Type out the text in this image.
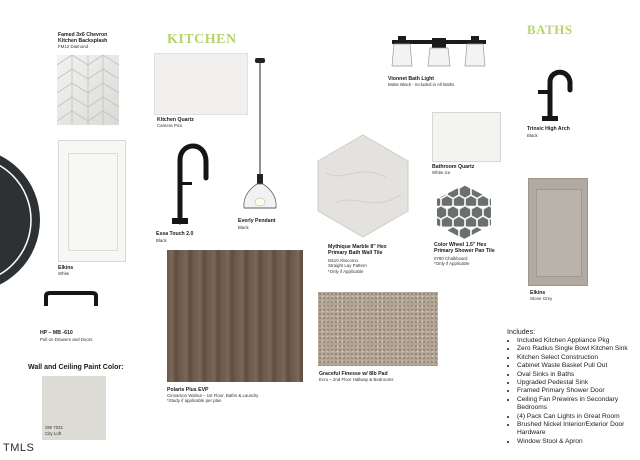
KITCHEN
BATHS
Famed 3x6 Chevron
Kitchen Backsplash
FM12 Diamond
Kitchen Quartz
Camera Pico
Everly Pendant
Black
Vionnet Bath Light
Matte Black - Included in All Baths
Trinsic High Arch
Black
Elkins
White
Essa Touch 2.0
Black
Mythique Marble 8" Hex
Primary Bath Wall Tile
M110 Altocomo
Straight Lay Pattern
*Only if Applicable
Bathroom Quartz
White Ice
Color Wheel 1.5" Hex
Primary Shower Pan Tile
0780 Chalkboard
*Only if Applicable
Elkins
Stone Grey
HP – MB -610
Pull on Drawers and Doors
Polaris Plus EVP
Cinnamon Walnut – 1st Floor, Baths & Laundry
*Study if applicable per plan
Graceful Finesse w/ 8lb Pad
Ecru – 2nd Floor Hallway & Bedrooms
Wall and Ceiling Paint Color:
SW 7031
City Loft
Includes:
• Included Kitchen Appliance Pkg
• Zero Radius Single Bowl Kitchen Sink
• Kitchen Select Construction
• Cabinet Waste Basket Pull Out
• Oval Sinks in Baths
• Upgraded Pedestal Sink
• Framed Primary Shower Door
• Ceiling Fan Prewires in Secondary Bedrooms
• (4) Pack Can Lights in Great Room
• Brushed Nickel Interior/Exterior Door Hardware
• Window Stool & Apron
TMLS
